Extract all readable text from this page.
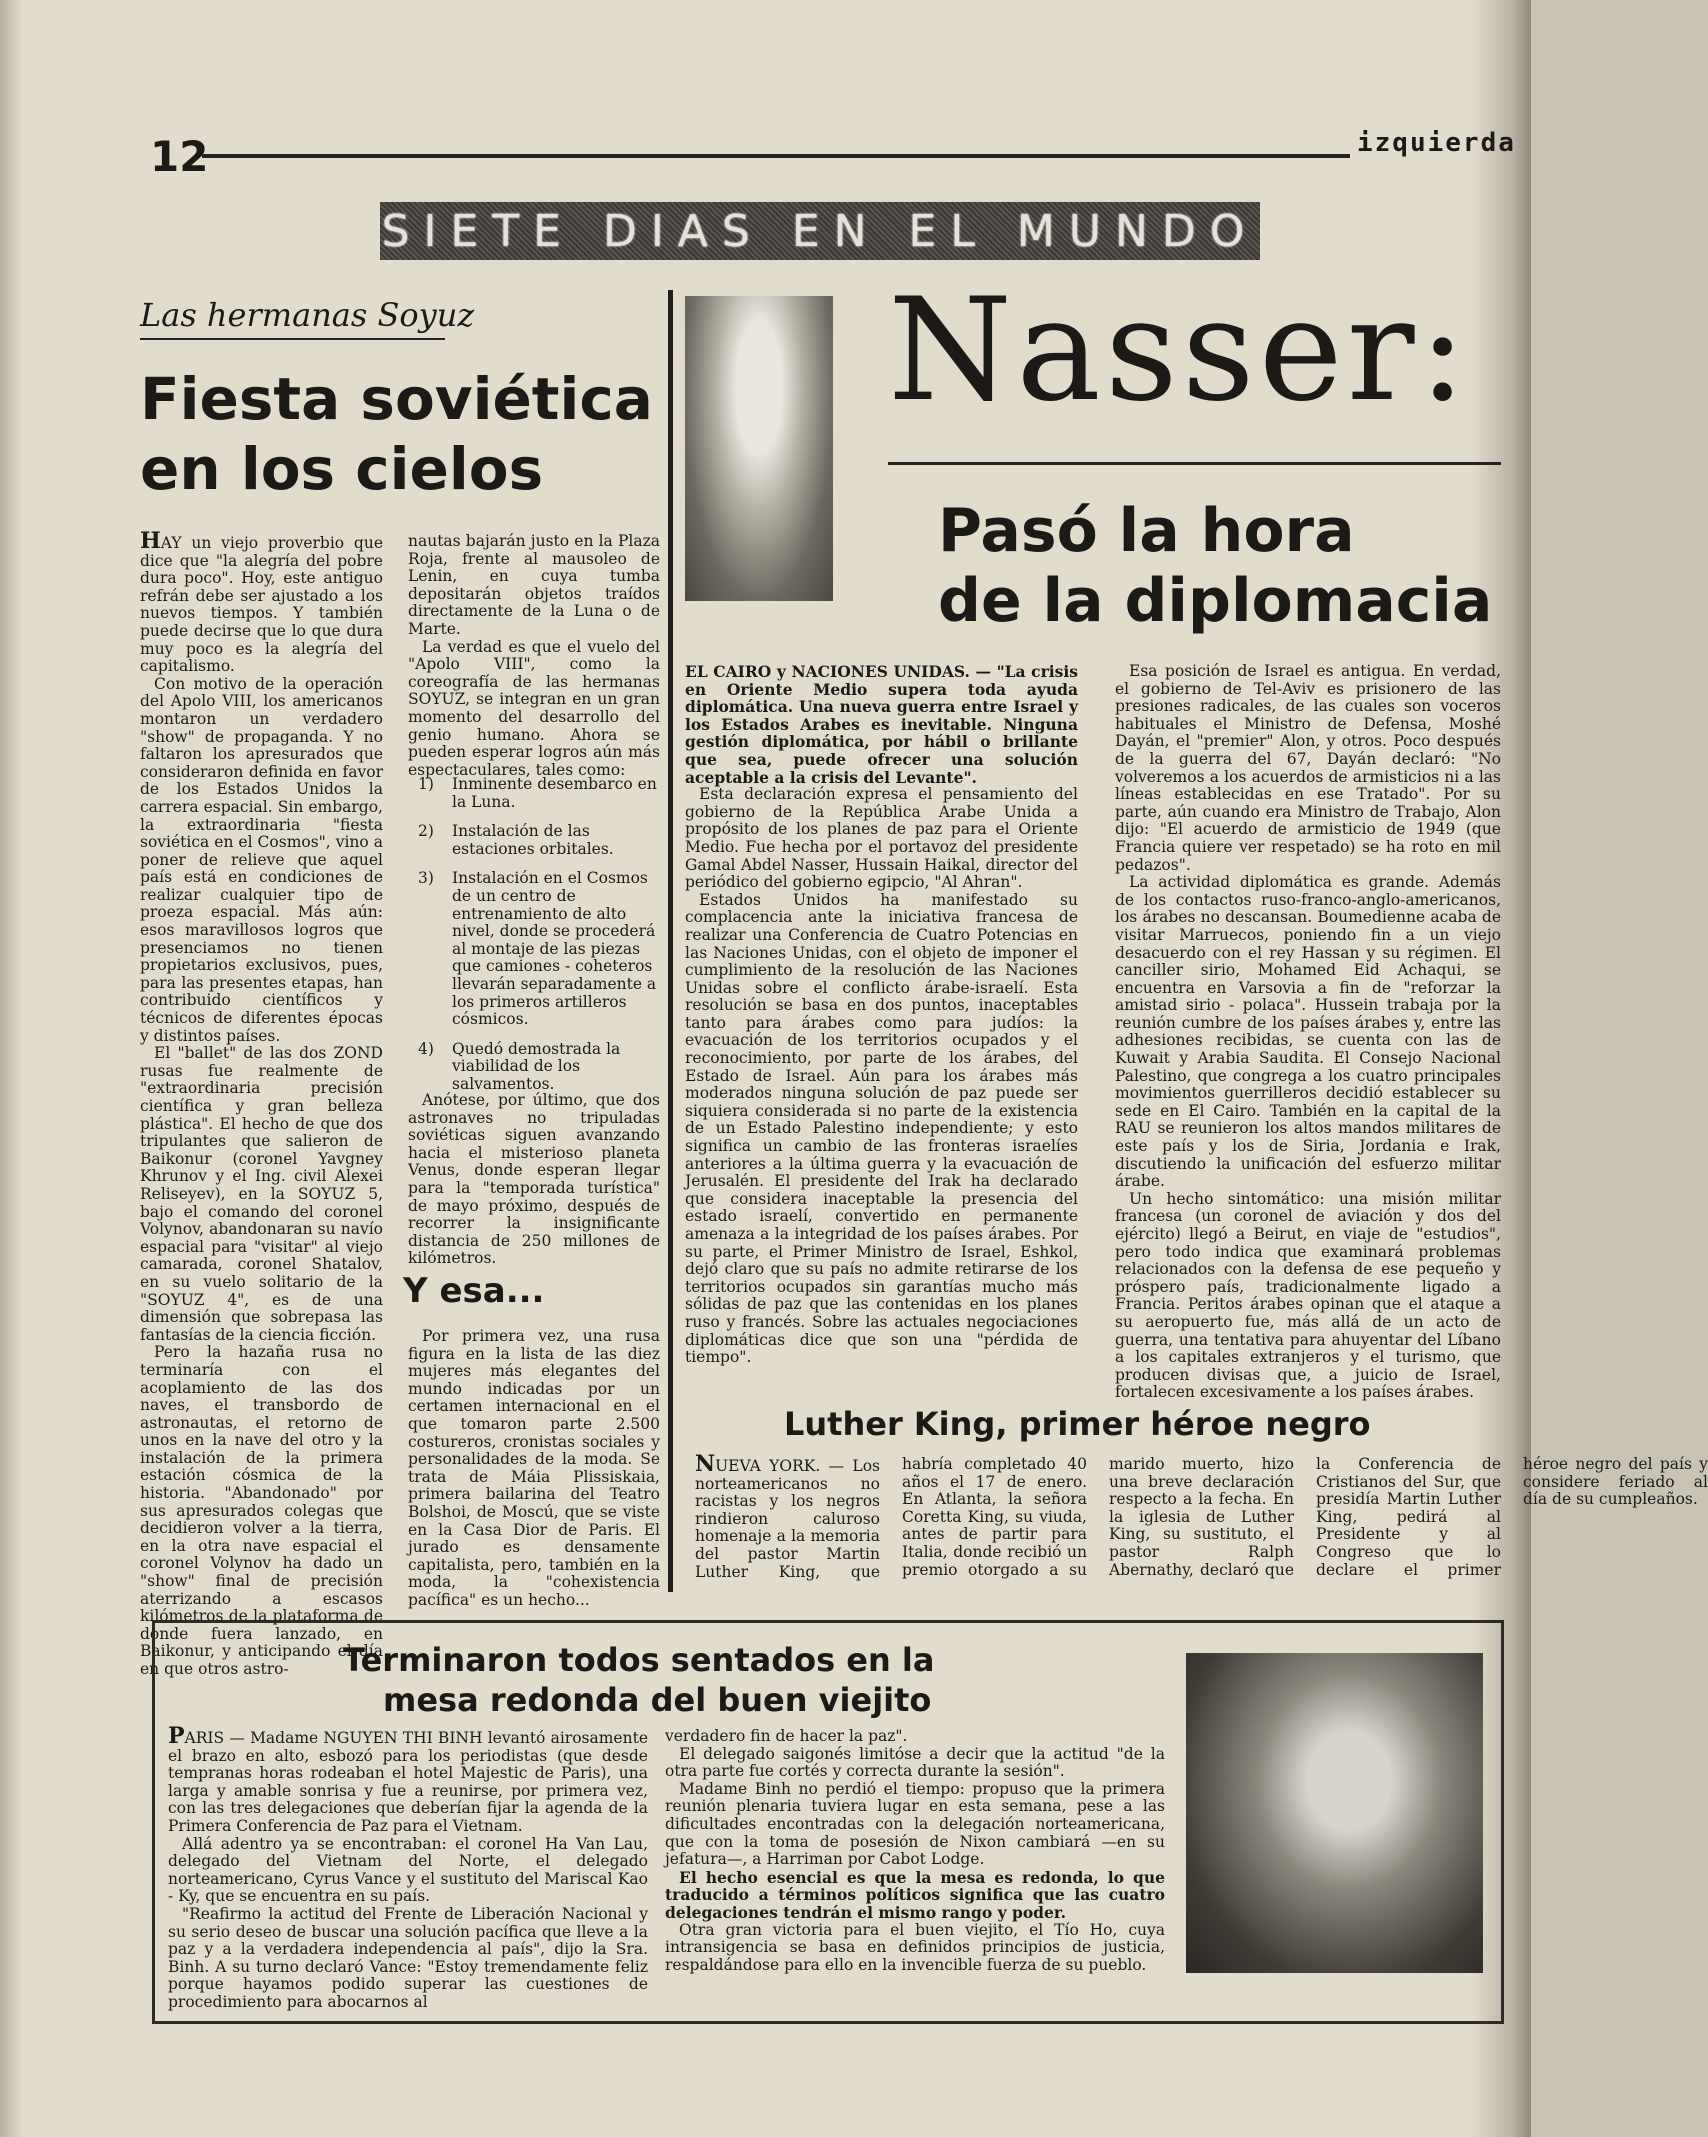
12	izquierda
SIETE DIAS EN EL MUNDO
Las hermanas Soyuz
Fiesta soviética
en los cielos

HAY un viejo proverbio que dice que "la alegría del pobre dura poco". Hoy, este antiguo refrán debe ser ajustado a los nuevos tiempos. Y también puede decirse que lo que dura muy poco es la alegría del capitalismo.

Con motivo de la operación del Apolo VIII, los americanos montaron un verdadero "show" de propaganda. Y no faltaron los apresurados que consideraron definida en favor de los Estados Unidos la carrera espacial. Sin embargo, la extraordinaria "fiesta soviética en el Cosmos", vino a poner de relieve que aquel país está en condiciones de realizar cualquier tipo de proeza espacial. Más aún: esos maravillosos logros que presenciamos no tienen propietarios exclusivos, pues, para las presentes etapas, han contribuido científicos y técnicos de diferentes épocas y distintos países.

El "ballet" de las dos ZOND rusas fue realmente de "extraordinaria precisión científica y gran belleza plástica". El hecho de que dos tripulantes que salieron de Baikonur (coronel Yavgney Khrunov y el Ing. civil Alexei Reliseyev), en la SOYUZ 5, bajo el comando del coronel Volynov, abandonaran su navío espacial para "visitar" al viejo camarada, coronel Shatalov, en su vuelo solitario de la "SOYUZ 4", es de una dimensión que sobrepasa las fantasías de la ciencia ficción.

Pero la hazaña rusa no terminaría con el acoplamiento de las dos naves, el transbordo de astronautas, el retorno de unos en la nave del otro y la instalación de la primera estación cósmica de la historia. "Abandonado" por sus apresurados colegas que decidieron volver a la tierra, en la otra nave espacial el coronel Volynov ha dado un "show" final de precisión aterrizando a escasos kilómetros de la plataforma de donde fuera lanzado, en Baikonur, y anticipando el día en que otros astro-

nautas bajarán justo en la Plaza Roja, frente al mausoleo de Lenin, en cuya tumba depositarán objetos traídos directamente de la Luna o de Marte.

La verdad es que el vuelo del "Apolo VIII", como la coreografía de las hermanas SOYUZ, se integran en un gran momento del desarrollo del genio humano. Ahora se pueden esperar logros aún más espectaculares, tales como:

1)	Inminente desembarco en la Luna.
2)	Instalación de las estaciones orbitales.
3)	Instalación en el Cosmos de un centro de entrenamiento de alto nivel, donde se procederá al montaje de las piezas que camiones - coheteros llevarán separadamente a los primeros artilleros cósmicos.
4)	Quedó demostrada la viabilidad de los salvamentos.

Anótese, por último, que dos astronaves no tripuladas soviéticas siguen avanzando hacia el misterioso planeta Venus, donde esperan llegar para la "temporada turística" de mayo próximo, después de recorrer la insignificante distancia de 250 millones de kilómetros.

Y esa...

Por primera vez, una rusa figura en la lista de las diez mujeres más elegantes del mundo indicadas por un certamen internacional en el que tomaron parte 2.500 costureros, cronistas sociales y personalidades de la moda. Se trata de Máia Plissiskaia, primera bailarina del Teatro Bolshoi, de Moscú, que se viste en la Casa Dior de Paris. El jurado es densamente capitalista, pero, también en la moda, la "cohexistencia pacífica" es un hecho...

Nasser:
Pasó la hora
de la diplomacia

EL CAIRO y NACIONES UNIDAS. — "La crisis en Oriente Medio supera toda ayuda diplomática. Una nueva guerra entre Israel y los Estados Arabes es inevitable. Ninguna gestión diplomática, por hábil o brillante que sea, puede ofrecer una solución aceptable a la crisis del Levante".

Esta declaración expresa el pensamiento del gobierno de la República Arabe Unida a propósito de los planes de paz para el Oriente Medio. Fue hecha por el portavoz del presidente Gamal Abdel Nasser, Hussain Haikal, director del periódico del gobierno egipcio, "Al Ahran".

Estados Unidos ha manifestado su complacencia ante la iniciativa francesa de realizar una Conferencia de Cuatro Potencias en las Naciones Unidas, con el objeto de imponer el cumplimiento de la resolución de las Naciones Unidas sobre el conflicto árabe-israelí. Esta resolución se basa en dos puntos, inaceptables tanto para árabes como para judíos: la evacuación de los territorios ocupados y el reconocimiento, por parte de los árabes, del Estado de Israel. Aún para los árabes más moderados ninguna solución de paz puede ser siquiera considerada si no parte de la existencia de un Estado Palestino independiente; y esto significa un cambio de las fronteras israelíes anteriores a la última guerra y la evacuación de Jerusalén. El presidente del Irak ha declarado que considera inaceptable la presencia del estado israelí, convertido en permanente amenaza a la integridad de los países árabes. Por su parte, el Primer Ministro de Israel, Eshkol, dejó claro que su país no admite retirarse de los territorios ocupados sin garantías mucho más sólidas de paz que las contenidas en los planes ruso y francés. Sobre las actuales negociaciones diplomáticas dice que son una "pérdida de tiempo".

Esa posición de Israel es antigua. En verdad, el gobierno de Tel-Aviv es prisionero de las presiones radicales, de las cuales son voceros habituales el Ministro de Defensa, Moshé Dayán, el "premier" Alon, y otros. Poco después de la guerra del 67, Dayán declaró: "No volveremos a los acuerdos de armisticios ni a las líneas establecidas en ese Tratado". Por su parte, aún cuando era Ministro de Trabajo, Alon dijo: "El acuerdo de armisticio de 1949 (que Francia quiere ver respetado) se ha roto en mil pedazos".

La actividad diplomática es grande. Además de los contactos ruso-franco-anglo-americanos, los árabes no descansan. Boumedienne acaba de visitar Marruecos, poniendo fin a un viejo desacuerdo con el rey Hassan y su régimen. El canciller sirio, Mohamed Eid Achaqui, se encuentra en Varsovia a fin de "reforzar la amistad sirio - polaca". Hussein trabaja por la reunión cumbre de los países árabes y, entre las adhesiones recibidas, se cuenta con las de Kuwait y Arabia Saudita. El Consejo Nacional Palestino, que congrega a los cuatro principales movimientos guerrilleros decidió establecer su sede en El Cairo. También en la capital de la RAU se reunieron los altos mandos militares de este país y los de Siria, Jordania e Irak, discutiendo la unificación del esfuerzo militar árabe.

Un hecho sintomático: una misión militar francesa (un coronel de aviación y dos del ejército) llegó a Beirut, en viaje de "estudios", pero todo indica que examinará problemas relacionados con la defensa de ese pequeño y próspero país, tradicionalmente ligado a Francia. Peritos árabes opinan que el ataque a su aeropuerto fue, más allá de un acto de guerra, una tentativa para ahuyentar del Líbano a los capitales extranjeros y el turismo, que producen divisas que, a juicio de Israel, fortalecen excesivamente a los países árabes.

Luther King, primer héroe negro

NUEVA YORK. — Los norteamericanos no racistas y los negros rindieron caluroso homenaje a la memoria del pastor Martin Luther King, que habría completado 40 años el 17 de enero. En Atlanta, la señora Coretta King, su viuda, antes de partir para Italia, donde recibió un premio otorgado a su marido muerto, hizo una breve declaración respecto a la fecha. En la iglesia de Luther King, su sustituto, el pastor Ralph Abernathy, declaró que la Conferencia de Cristianos del Sur, que presidía Martin Luther King, pedirá al Presidente y al Congreso que lo declare el primer héroe negro del país y considere feriado al día de su cumpleaños.

Terminaron todos sentados en la
mesa redonda del buen viejito

PARIS — Madame NGUYEN THI BINH levantó airosamente el brazo en alto, esbozó para los periodistas (que desde tempranas horas rodeaban el hotel Majestic de Paris), una larga y amable sonrisa y fue a reunirse, por primera vez, con las tres delegaciones que deberían fijar la agenda de la Primera Conferencia de Paz para el Vietnam.

Allá adentro ya se encontraban: el coronel Ha Van Lau, delegado del Vietnam del Norte, el delegado norteamericano, Cyrus Vance y el sustituto del Mariscal Kao - Ky, que se encuentra en su país.

"Reafirmo la actitud del Frente de Liberación Nacional y su serio deseo de buscar una solución pacífica que lleve a la paz y a la verdadera independencia al país", dijo la Sra. Binh. A su turno declaró Vance: "Estoy tremendamente feliz porque hayamos podido superar las cuestiones de procedimiento para abocarnos al

verdadero fin de hacer la paz".

El delegado saigonés limitóse a decir que la actitud "de la otra parte fue cortés y correcta durante la sesión".

Madame Binh no perdió el tiempo: propuso que la primera reunión plenaria tuviera lugar en esta semana, pese a las dificultades encontradas con la delegación norteamericana, que con la toma de posesión de Nixon cambiará —en su jefatura—, a Harriman por Cabot Lodge.

El hecho esencial es que la mesa es redonda, lo que traducido a términos políticos significa que las cuatro delegaciones tendrán el mismo rango y poder.

Otra gran victoria para el buen viejito, el Tío Ho, cuya intransigencia se basa en definidos principios de justicia, respaldándose para ello en la invencible fuerza de su pueblo.
